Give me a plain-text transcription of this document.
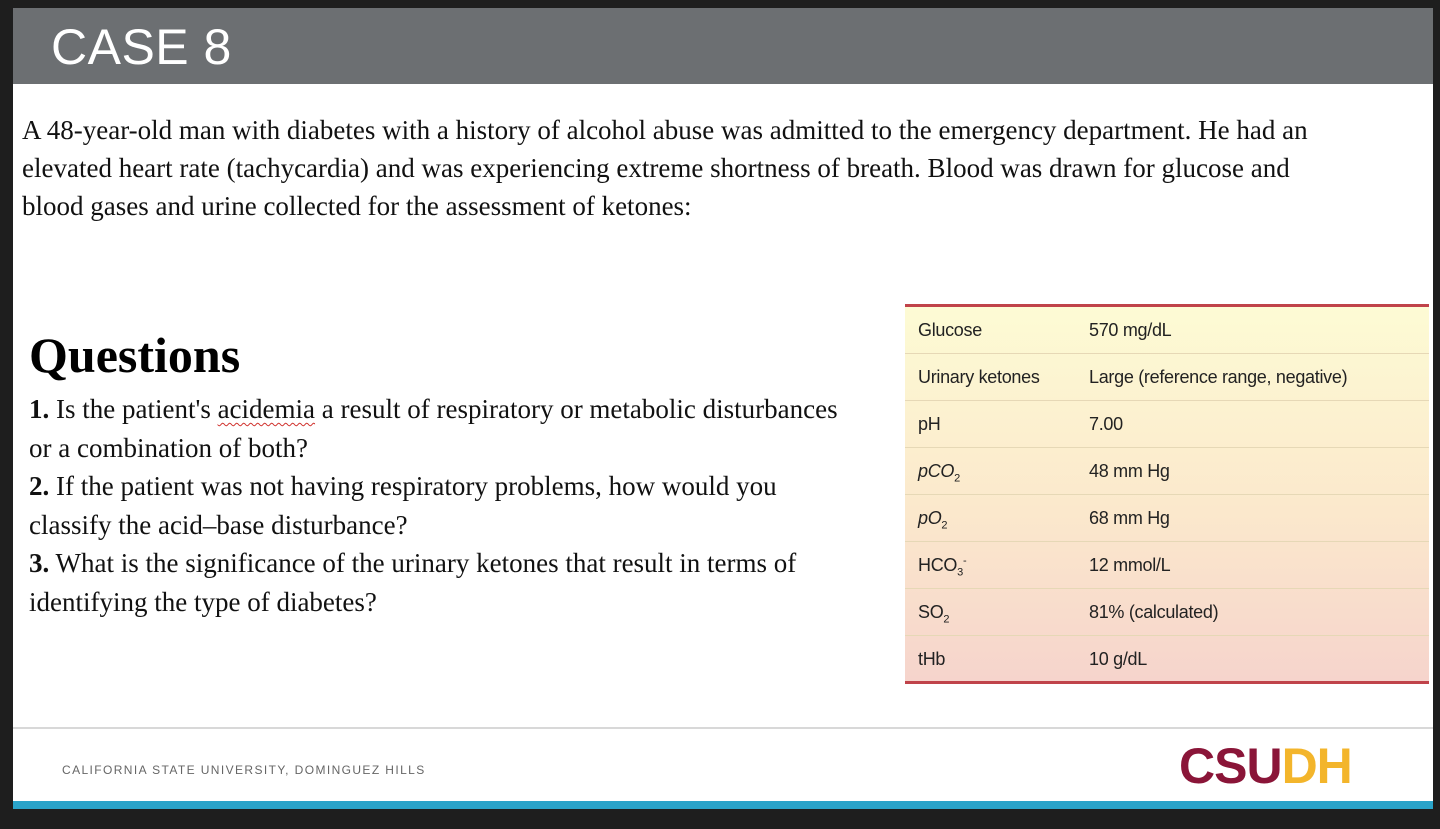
CASE 8
A 48-year-old man with diabetes with a history of alcohol abuse was admitted to the emergency department. He had an elevated heart rate (tachycardia) and was experiencing extreme shortness of breath. Blood was drawn for glucose and blood gases and urine collected for the assessment of ketones:
Questions
1. Is the patient's acidemia a result of respiratory or metabolic disturbances or a combination of both?
2. If the patient was not having respiratory problems, how would you classify the acid–base disturbance?
3. What is the significance of the urinary ketones that result in terms of identifying the type of diabetes?
Glucose	570 mg/dL
Urinary ketones	Large (reference range, negative)
pH	7.00
pCO$_2$	48 mm Hg
$pO_2$	68 mm Hg
$HCO_3^-$	12 mmol/L
$SO_2$	81% (calculated)
tHb	10 g/dL
CALIFORNIA STATE UNIVERSITY, DOMINGUEZ HILLS	CSUDH
